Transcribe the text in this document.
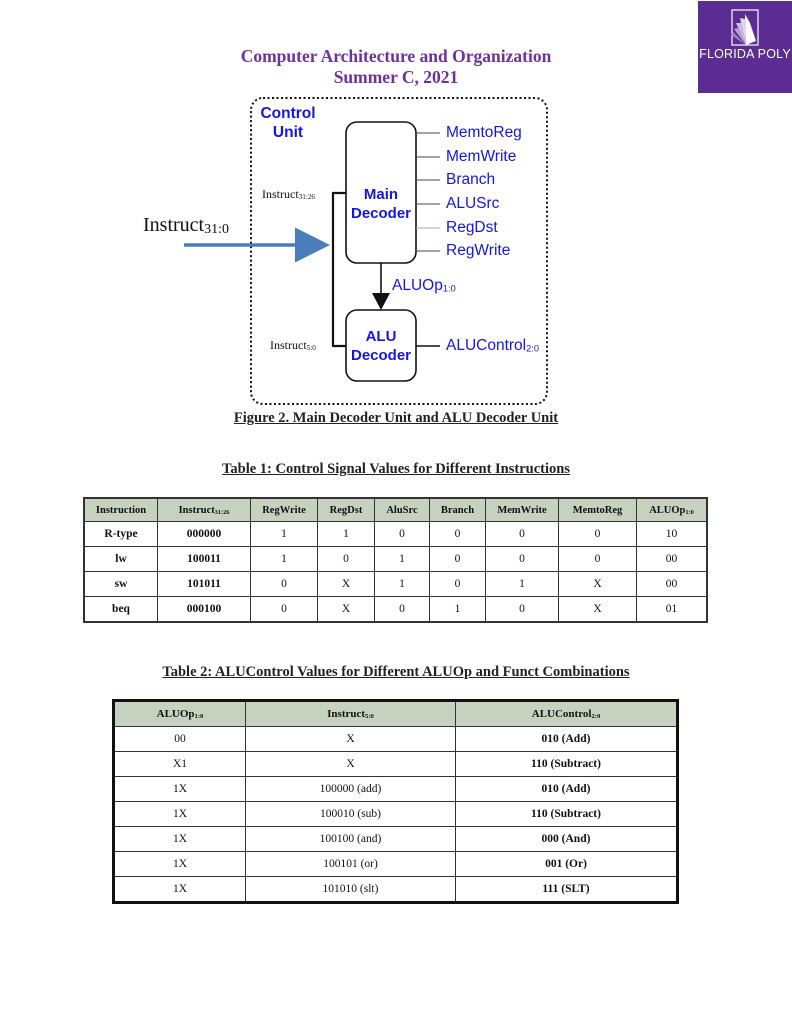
FLORIDA POLY
Computer Architecture and Organization
Summer C, 2021
Control
Unit
Main
Decoder
ALU
Decoder
MemtoReg
MemWrite
Branch
ALUSrc
RegDst
RegWrite
ALUOp$_{1:0}$
ALUControl$_{2:0}$
Instruct$_{31:0}$
Instruct$_{31:26}$
Instruct$_{5:0}$
Figure 2. Main Decoder Unit and ALU Decoder Unit
Table 1: Control Signal Values for Different Instructions
Instruction	Instruct$_{31:26}$	RegWrite	RegDst	AluSrc	Branch	MemWrite	MemtoReg	ALUOp$_{1:0}$
R-type	000000	1	1	0	0	0	0	10
lw	100011	1	0	1	0	0	0	00
sw	101011	0	X	1	0	1	X	00
beq	000100	0	X	0	1	0	X	01
Table 2: ALUControl Values for Different ALUOp and Funct Combinations
ALUOp$_{1:0}$	Instruct$_{5:0}$	ALUControl$_{2:0}$
00	X	010 (Add)
X1	X	110 (Subtract)
1X	100000 (add)	010 (Add)
1X	100010 (sub)	110 (Subtract)
1X	100100 (and)	000 (And)
1X	100101 (or)	001 (Or)
1X	101010 (slt)	111 (SLT)
